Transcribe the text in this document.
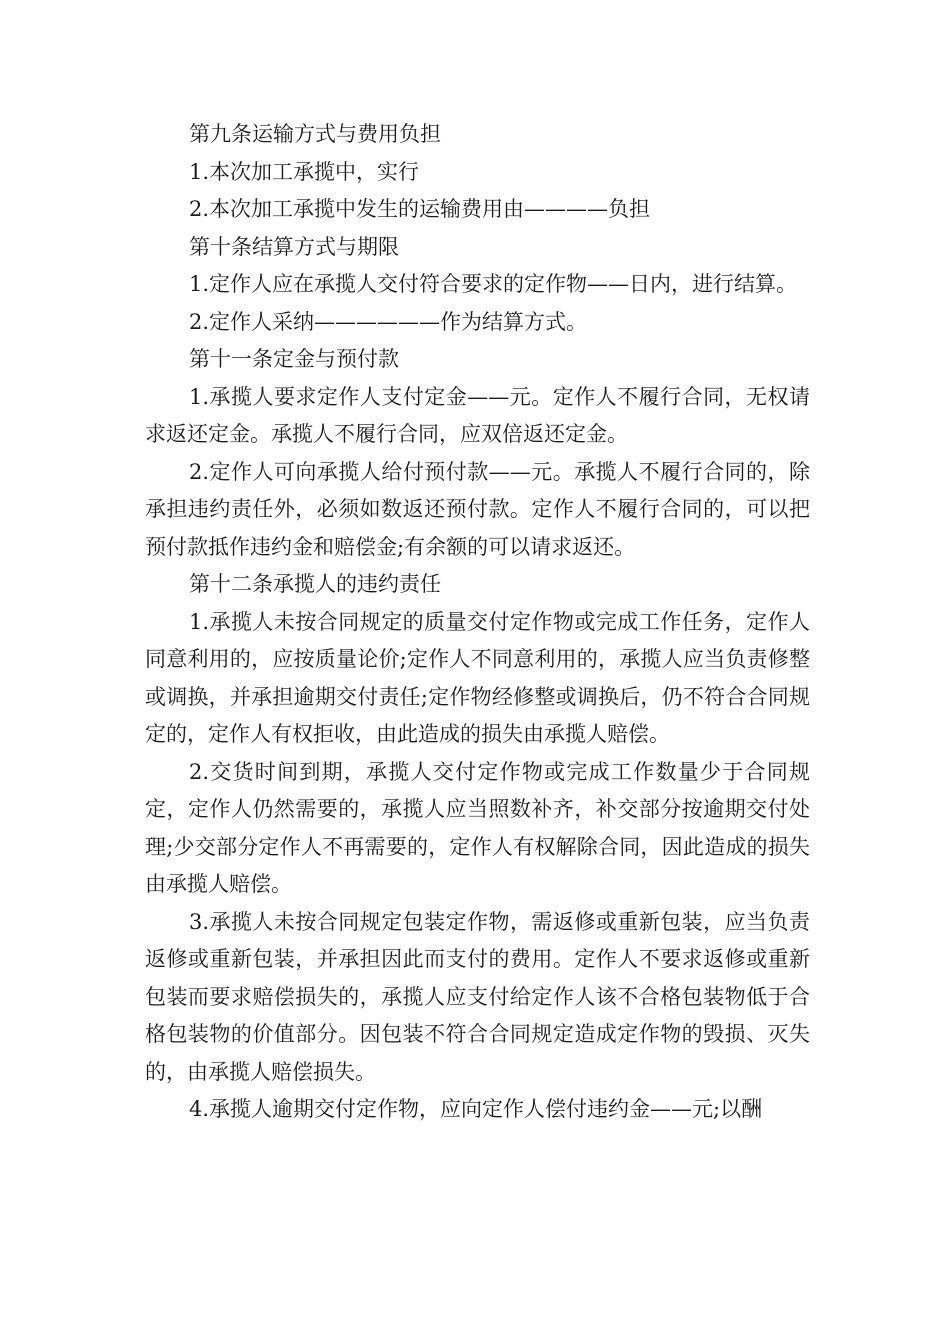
第九条运输方式与费用负担

1.本次加工承揽中，实行

2.本次加工承揽中发生的运输费用由————负担

第十条结算方式与期限

1.定作人应在承揽人交付符合要求的定作物——日内，进行结算。

2.定作人采纳——————作为结算方式。

第十一条定金与预付款

1.承揽人要求定作人支付定金——元。定作人不履行合同，无权请求返还定金。承揽人不履行合同，应双倍返还定金。

2.定作人可向承揽人给付预付款——元。承揽人不履行合同的，除承担违约责任外，必须如数返还预付款。定作人不履行合同的，可以把预付款抵作违约金和赔偿金;有余额的可以请求返还。

第十二条承揽人的违约责任

1.承揽人未按合同规定的质量交付定作物或完成工作任务，定作人同意利用的，应按质量论价;定作人不同意利用的，承揽人应当负责修整或调换，并承担逾期交付责任;定作物经修整或调换后，仍不符合合同规定的，定作人有权拒收，由此造成的损失由承揽人赔偿。

2.交货时间到期，承揽人交付定作物或完成工作数量少于合同规定，定作人仍然需要的，承揽人应当照数补齐，补交部分按逾期交付处理;少交部分定作人不再需要的，定作人有权解除合同，因此造成的损失由承揽人赔偿。

3.承揽人未按合同规定包装定作物，需返修或重新包装，应当负责返修或重新包装，并承担因此而支付的费用。定作人不要求返修或重新包装而要求赔偿损失的，承揽人应支付给定作人该不合格包装物低于合格包装物的价值部分。因包装不符合合同规定造成定作物的毁损、灭失的，由承揽人赔偿损失。

4.承揽人逾期交付定作物，应向定作人偿付违约金——元;以酬
